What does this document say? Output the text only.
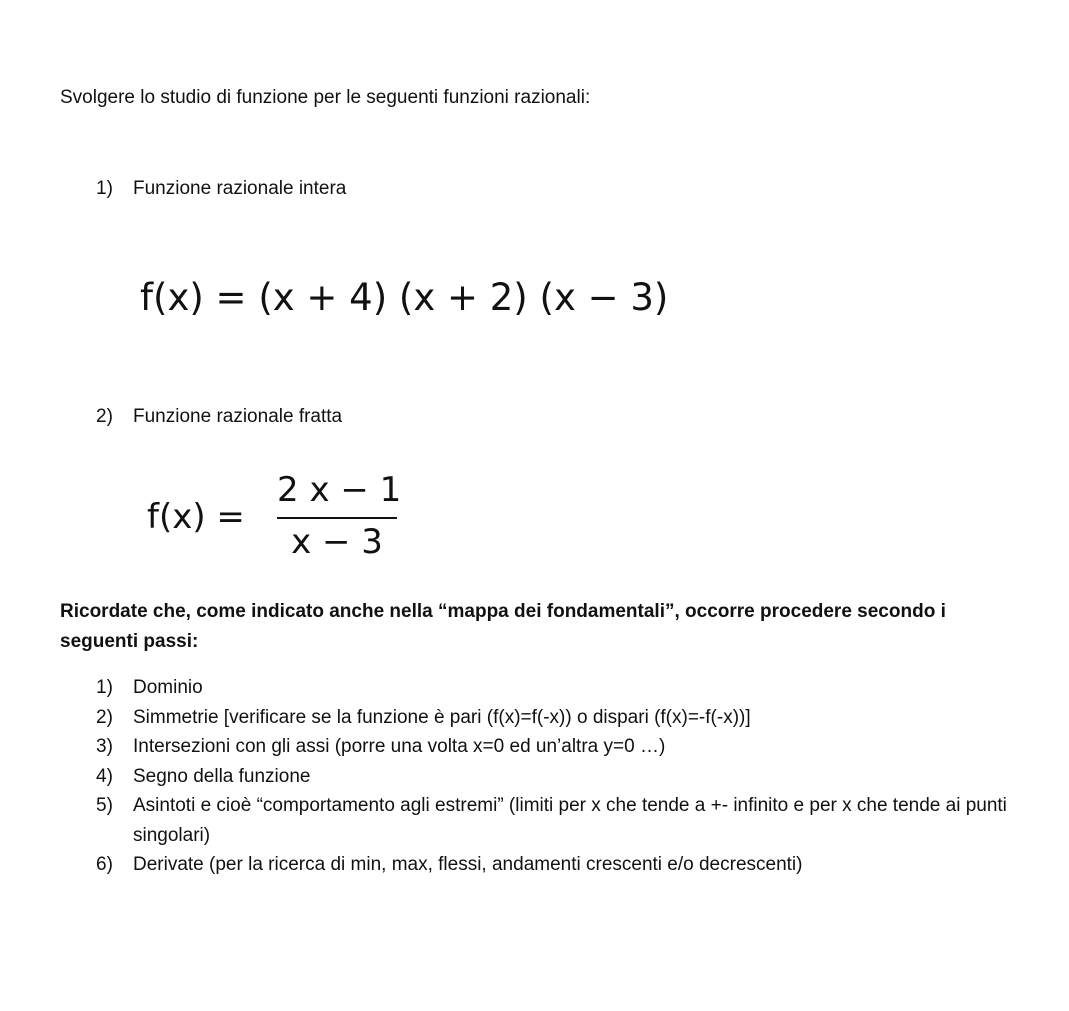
Svolgere lo studio di funzione per le seguenti funzioni razionali:
1) Funzione razionale intera
f(x) = (x + 4) (x + 2) (x − 3)
2) Funzione razionale fratta
f(x) =
2 x − 1
x − 3
Ricordate che, come indicato anche nella “mappa dei fondamentali”, occorre procedere secondo i seguenti passi:
1) Dominio
2) Simmetrie [verificare se la funzione è pari (f(x)=f(-x)) o dispari (f(x)=-f(-x))]
3) Intersezioni con gli assi (porre una volta x=0 ed un’altra y=0 …)
4) Segno della funzione
5) Asintoti e cioè “comportamento agli estremi” (limiti per x che tende a +- infinito e per x che tende ai punti singolari)
6) Derivate (per la ricerca di min, max, flessi, andamenti crescenti e/o decrescenti)
